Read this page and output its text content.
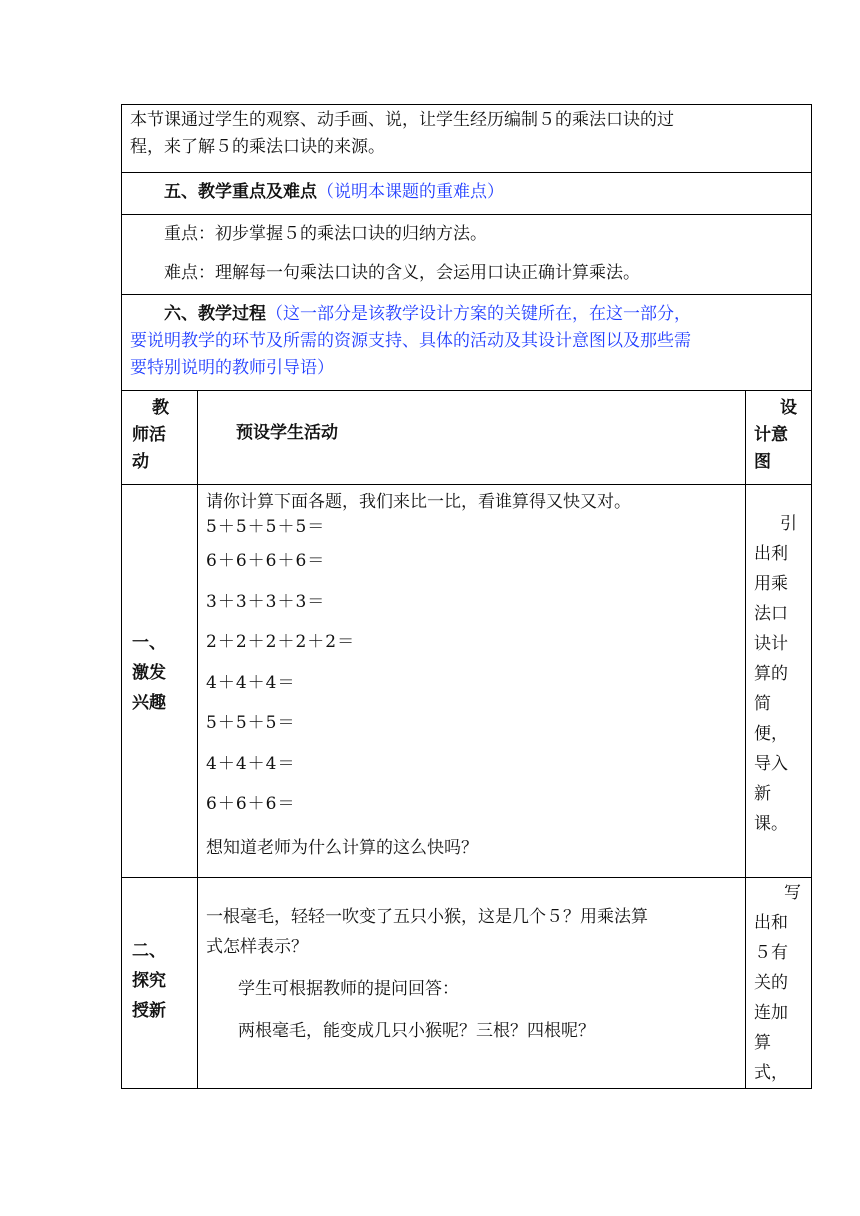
本节课通过学生的观察、动手画、说，让学生经历编制５的乘法口诀的过

程，来了解５的乘法口诀的来源。

五、教学重点及难点（说明本课题的重难点）

重点：初步掌握５的乘法口诀的归纳方法。

难点：理解每一句乘法口诀的含义，会运用口诀正确计算乘法。

六、教学过程（这一部分是该教学设计方案的关键所在，在这一部分，

要说明教学的环节及所需的资源支持、具体的活动及其设计意图以及那些需

要特别说明的教师引导语）

教
师活
动
预设学生活动
设
计意
图
一、
激发
兴趣
请你计算下面各题，我们来比一比，看谁算得又快又对。
5＋5＋5＋5＝
6＋6＋6＋6＝
3＋3＋3＋3＝
2＋2＋2＋2＋2＝
4＋4＋4＝
5＋5＋5＝
4＋4＋4＝
6＋6＋6＝
想知道老师为什么计算的这么快吗？
引
出利
用乘
法口
诀计
算的
简
便，
导入
新
课。
二、
探究
授新
一根毫毛，轻轻一吹变了五只小猴，这是几个５？用乘法算
式怎样表示？
学生可根据教师的提问回答：
两根毫毛，能变成几只小猴呢？三根？四根呢？
写
出和
５有
关的
连加
算
式，
